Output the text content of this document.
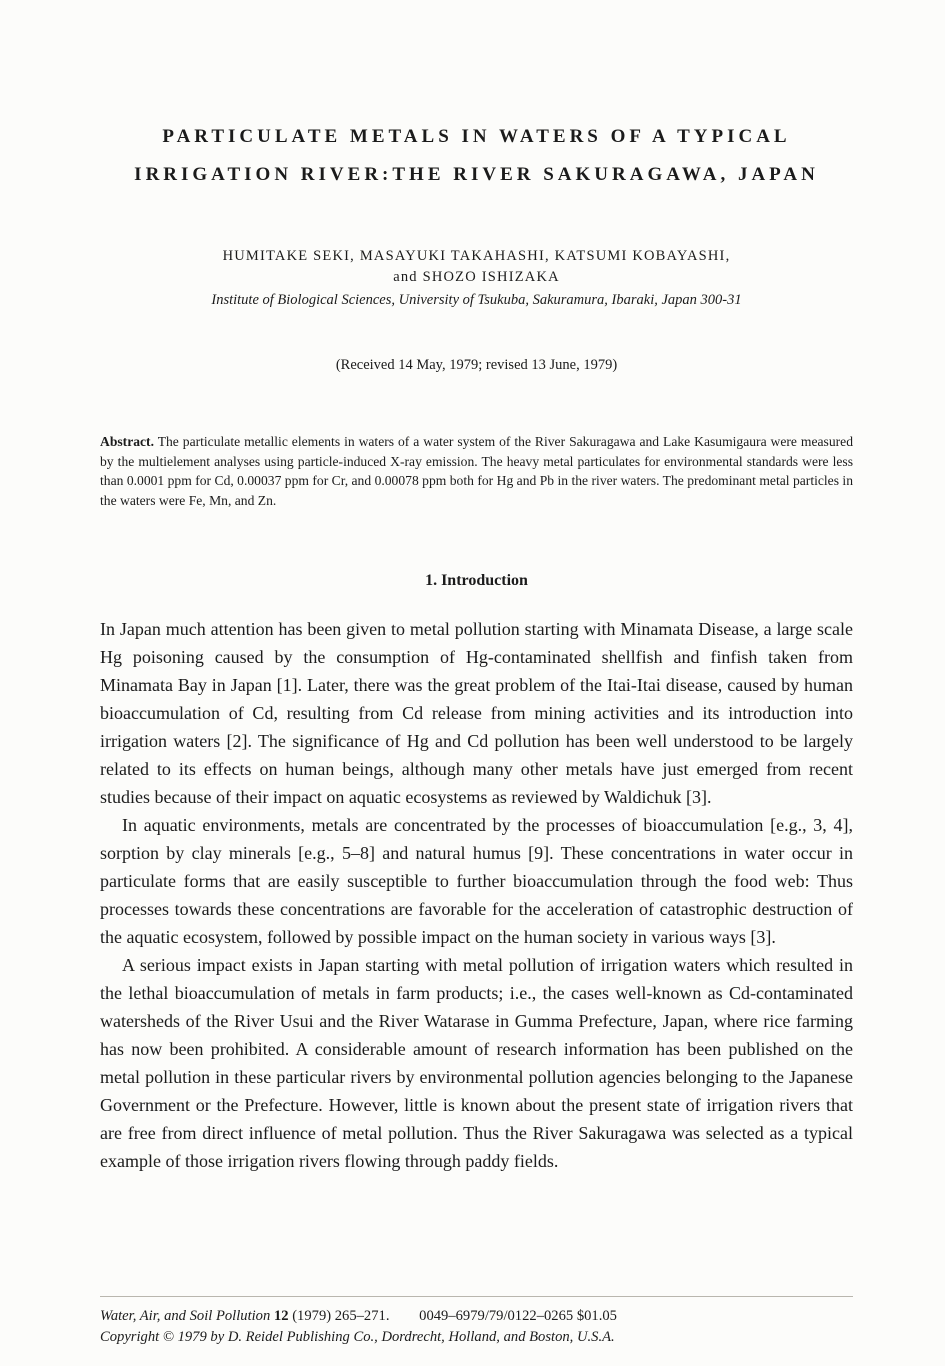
PARTICULATE METALS IN WATERS OF A TYPICAL
IRRIGATION RIVER:THE RIVER SAKURAGAWA, JAPAN
HUMITAKE SEKI, MASAYUKI TAKAHASHI, KATSUMI KOBAYASHI,
and SHOZO ISHIZAKA
Institute of Biological Sciences, University of Tsukuba, Sakuramura, Ibaraki, Japan 300-31
(Received 14 May, 1979; revised 13 June, 1979)
Abstract. The particulate metallic elements in waters of a water system of the River Sakuragawa and Lake Kasumigaura were measured by the multielement analyses using particle-induced X-ray emission. The heavy metal particulates for environmental standards were less than 0.0001 ppm for Cd, 0.00037 ppm for Cr, and 0.00078 ppm both for Hg and Pb in the river waters. The predominant metal particles in the waters were Fe, Mn, and Zn.
1. Introduction

In Japan much attention has been given to metal pollution starting with Minamata Disease, a large scale Hg poisoning caused by the consumption of Hg-contaminated shellfish and finfish taken from Minamata Bay in Japan [1]. Later, there was the great problem of the Itai-Itai disease, caused by human bioaccumulation of Cd, resulting from Cd release from mining activities and its introduction into irrigation waters [2]. The significance of Hg and Cd pollution has been well understood to be largely related to its effects on human beings, although many other metals have just emerged from recent studies because of their impact on aquatic ecosystems as reviewed by Waldichuk [3].

In aquatic environments, metals are concentrated by the processes of bioaccumulation [e.g., 3, 4], sorption by clay minerals [e.g., 5–8] and natural humus [9]. These concentrations in water occur in particulate forms that are easily susceptible to further bioaccumulation through the food web: Thus processes towards these concentrations are favorable for the acceleration of catastrophic destruction of the aquatic ecosystem, followed by possible impact on the human society in various ways [3].

A serious impact exists in Japan starting with metal pollution of irrigation waters which resulted in the lethal bioaccumulation of metals in farm products; i.e., the cases well-known as Cd-contaminated watersheds of the River Usui and the River Watarase in Gumma Prefecture, Japan, where rice farming has now been prohibited. A considerable amount of research information has been published on the metal pollution in these particular rivers by environmental pollution agencies belonging to the Japanese Government or the Prefecture. However, little is known about the present state of irrigation rivers that are free from direct influence of metal pollution. Thus the River Sakuragawa was selected as a typical example of those irrigation rivers flowing through paddy fields.

Water, Air, and Soil Pollution 12 (1979) 265–271. 0049–6979/79/0122–0265 $01.05
Copyright © 1979 by D. Reidel Publishing Co., Dordrecht, Holland, and Boston, U.S.A.
